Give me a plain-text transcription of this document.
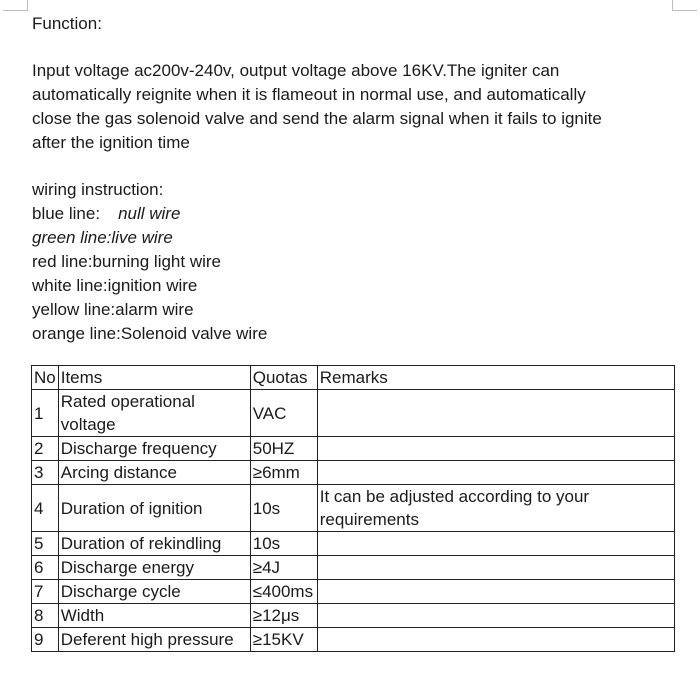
Function:
Input voltage ac200v-240v, output voltage above 16KV.The igniter can
automatically reignite when it is flameout in normal use, and automatically
close the gas solenoid valve and send the alarm signal when it fails to ignite
after the ignition time
wiring instruction:
blue line: null wire
green line:live wire
red line:burning light wire
white line:ignition wire
yellow line:alarm wire
orange line:Solenoid valve wire
No	Items	Quotas	Remarks
1	Rated operational voltage	VAC	
2	Discharge frequency	50HZ	
3	Arcing distance	≥6mm	
4	Duration of ignition	10s	It can be adjusted according to your requirements
5	Duration of rekindling	10s	
6	Discharge energy	≥4J	
7	Discharge cycle	≤400ms	
8	Width	≥12μs	
9	Deferent high pressure	≥15KV	
